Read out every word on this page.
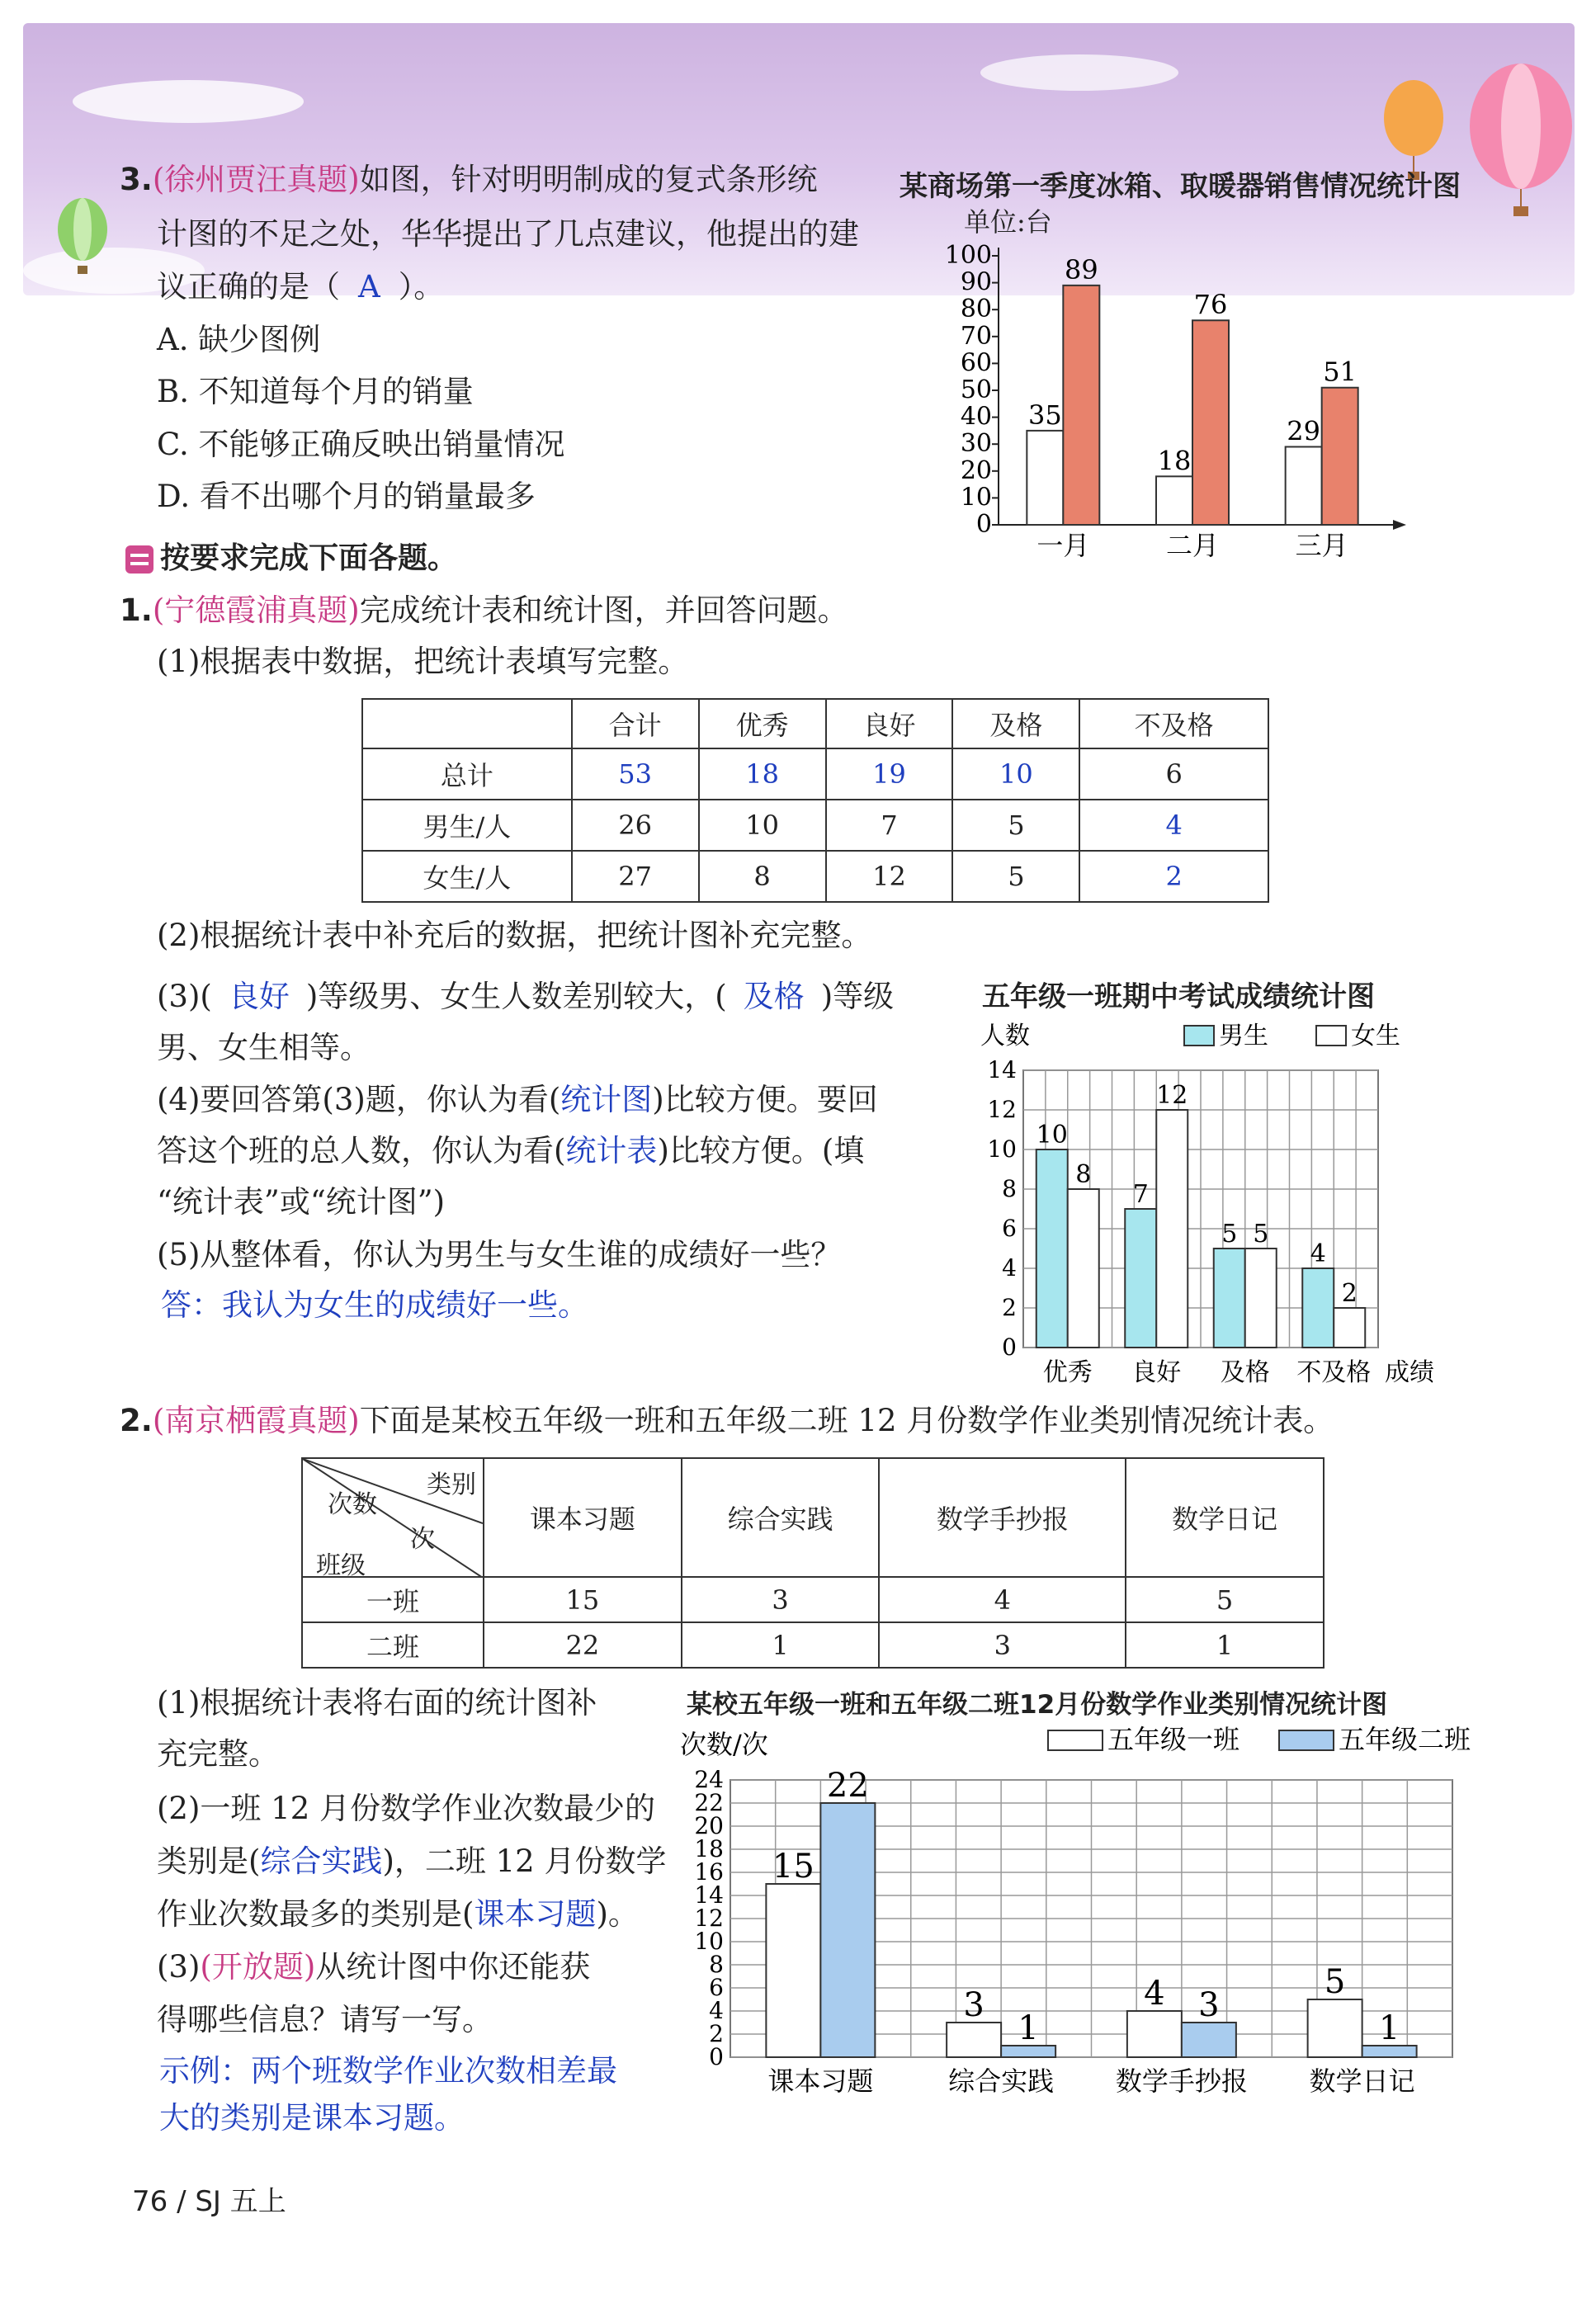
3.(徐州贾汪真题)如图，针对明明制成的复式条形统
计图的不足之处，华华提出了几点建议，他提出的建
议正确的是（ A ）。
A. 缺少图例
B. 不知道每个月的销量
C. 不能够正确反映出销量情况
D. 看不出哪个月的销量最多
某商场第一季度冰箱、取暖器销售情况统计图
单位:台
0
10
20
30
40
50
60
70
80
90
100
35
89
一月
18
76
二月
29
51
三月
按要求完成下面各题。
1.(宁德霞浦真题)完成统计表和统计图，并回答问题。
(1)根据表中数据，把统计表填写完整。
	合计	优秀	良好	及格	不及格
总计	53	18	19	10	6
男生/人	26	10	7	5	4
女生/人	27	8	12	5	2
(2)根据统计表中补充后的数据，把统计图补充完整。
(3)( 良好 )等级男、女生人数差别较大，( 及格 )等级
男、女生相等。
(4)要回答第(3)题，你认为看(统计图)比较方便。要回
答这个班的总人数，你认为看(统计表)比较方便。(填
“统计表”或“统计图”)
(5)从整体看，你认为男生与女生谁的成绩好一些？
答：我认为女生的成绩好一些。
五年级一班期中考试成绩统计图
0
2
4
6
8
10
12
14
10
8
优秀
7
12
良好
5 5
及格
4
2
不及格
人数
成绩
男生	女生
2.(南京栖霞真题)下面是某校五年级一班和五年级二班 12 月份数学作业类别情况统计表。
类别
次数
次
班级	课本习题	综合实践	数学手抄报	数学日记
一班	15	3	4	5
二班	22	1	3	1
(1)根据统计表将右面的统计图补
充完整。
(2)一班 12 月份数学作业次数最少的
类别是(综合实践)，二班 12 月份数学
作业次数最多的类别是(课本习题)。
(3)(开放题)从统计图中你还能获
得哪些信息？请写一写。
示例：两个班数学作业次数相差最
大的类别是课本习题。
某校五年级一班和五年级二班12月份数学作业类别情况统计图
0
2
4
6
8
10
12
14
16
18
20
22
24
15
22
课本习题
3
1
综合实践
4 3
数学手抄报
5
1
数学日记
次数/次	五年级一班	五年级二班
76 / SJ 五上
